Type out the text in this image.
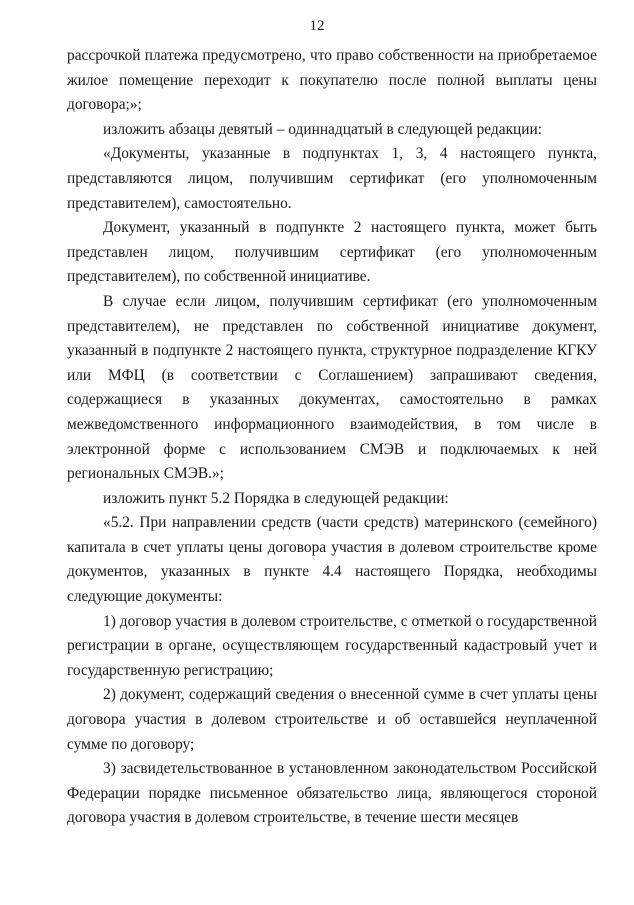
12

рассрочкой платежа предусмотрено, что право собственности на приобретаемое жилое помещение переходит к покупателю после полной выплаты цены договора;»;

изложить абзацы девятый – одиннадцатый в следующей редакции:

«Документы, указанные в подпунктах 1, 3, 4 настоящего пункта, представляются лицом, получившим сертификат (его уполномоченным представителем), самостоятельно.

Документ, указанный в подпункте 2 настоящего пункта, может быть представлен лицом, получившим сертификат (его уполномоченным представителем), по собственной инициативе.

В случае если лицом, получившим сертификат (его уполномоченным представителем), не представлен по собственной инициативе документ, указанный в подпункте 2 настоящего пункта, структурное подразделение КГКУ или МФЦ (в соответствии с Соглашением) запрашивают сведения, содержащиеся в указанных документах, самостоятельно в рамках межведомственного информационного взаимодействия, в том числе в электронной форме с использованием СМЭВ и подключаемых к ней региональных СМЭВ.»;

изложить пункт 5.2 Порядка в следующей редакции:

«5.2. При направлении средств (части средств) материнского (семейного) капитала в счет уплаты цены договора участия в долевом строительстве кроме документов, указанных в пункте 4.4 настоящего Порядка, необходимы следующие документы:

1) договор участия в долевом строительстве, с отметкой о государственной регистрации в органе, осуществляющем государственный кадастровый учет и государственную регистрацию;

2) документ, содержащий сведения о внесенной сумме в счет уплаты цены договора участия в долевом строительстве и об оставшейся неуплаченной сумме по договору;

3) засвидетельствованное в установленном законодательством Российской Федерации порядке письменное обязательство лица, являющегося стороной договора участия в долевом строительстве, в течение шести месяцев
